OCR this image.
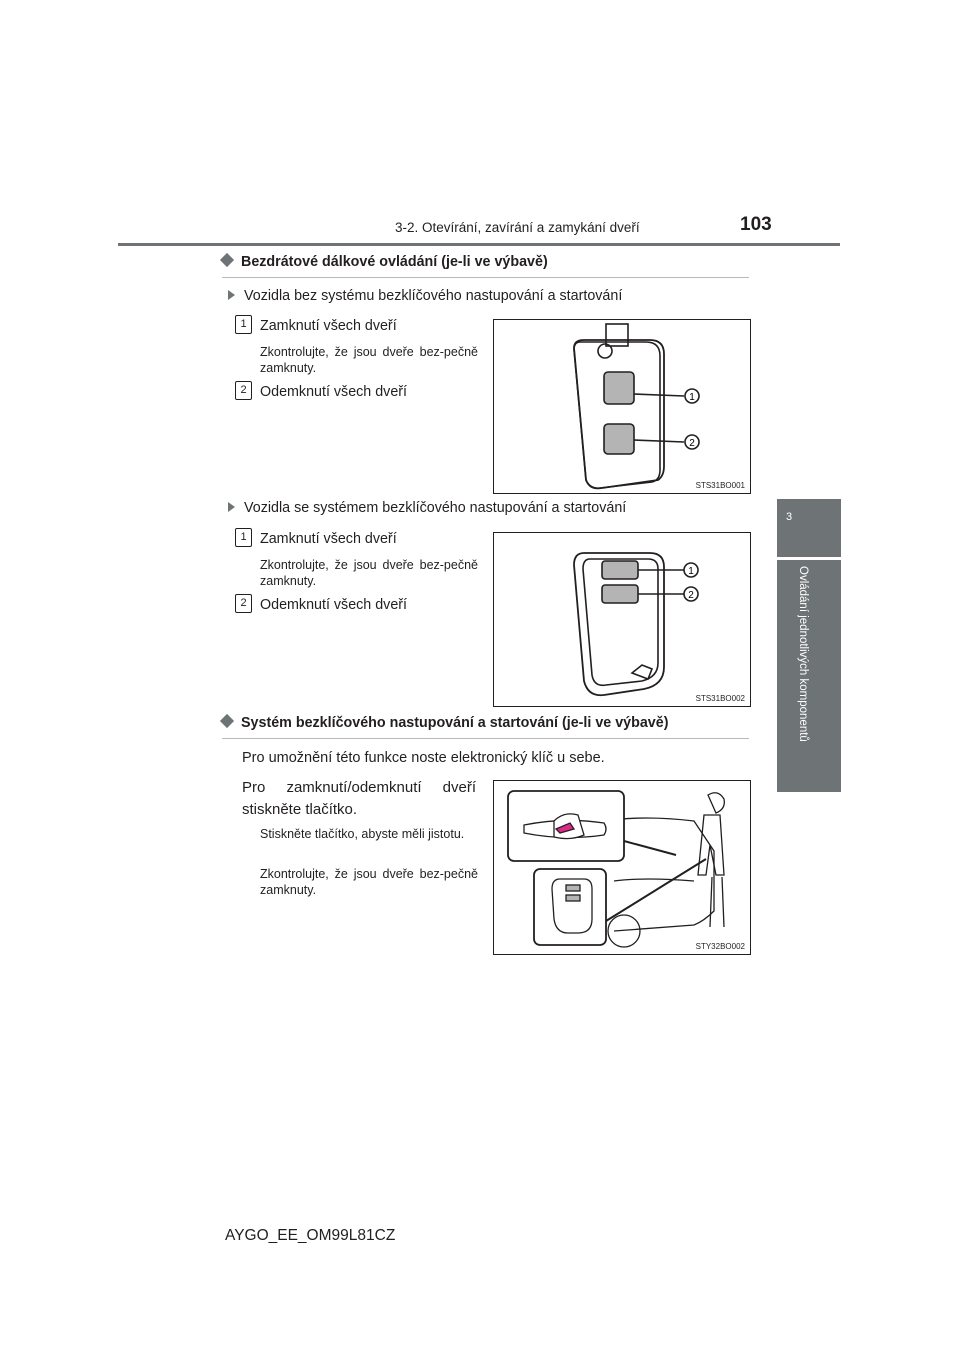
3-2. Otevírání, zavírání a zamykání dveří	103
3
Ovládání jednotlivých komponentů
Bezdrátové dálkové ovládání (je-li ve výbavě)
Vozidla bez systému bezklíčového nastupování a startování
1 Zamknutí všech dveří
Zkontrolujte, že jsou dveře bez-pečně zamknuty.
2 Odemknutí všech dveří	1
2
STS31BO001
Vozidla se systémem bezklíčového nastupování a startování
1 Zamknutí všech dveří
Zkontrolujte, že jsou dveře bez-pečně zamknuty.
2 Odemknutí všech dveří
1
2
STS31BO002
Systém bezklíčového nastupování a startování (je-li ve výbavě)
Pro umožnění této funkce noste elektronický klíč u sebe.
Pro zamknutí/odemknutí dveří stiskněte tlačítko.
Stiskněte tlačítko, abyste měli jistotu.
Zkontrolujte, že jsou dveře bez-pečně zamknuty.
STY32BO002
AYGO_EE_OM99L81CZ
